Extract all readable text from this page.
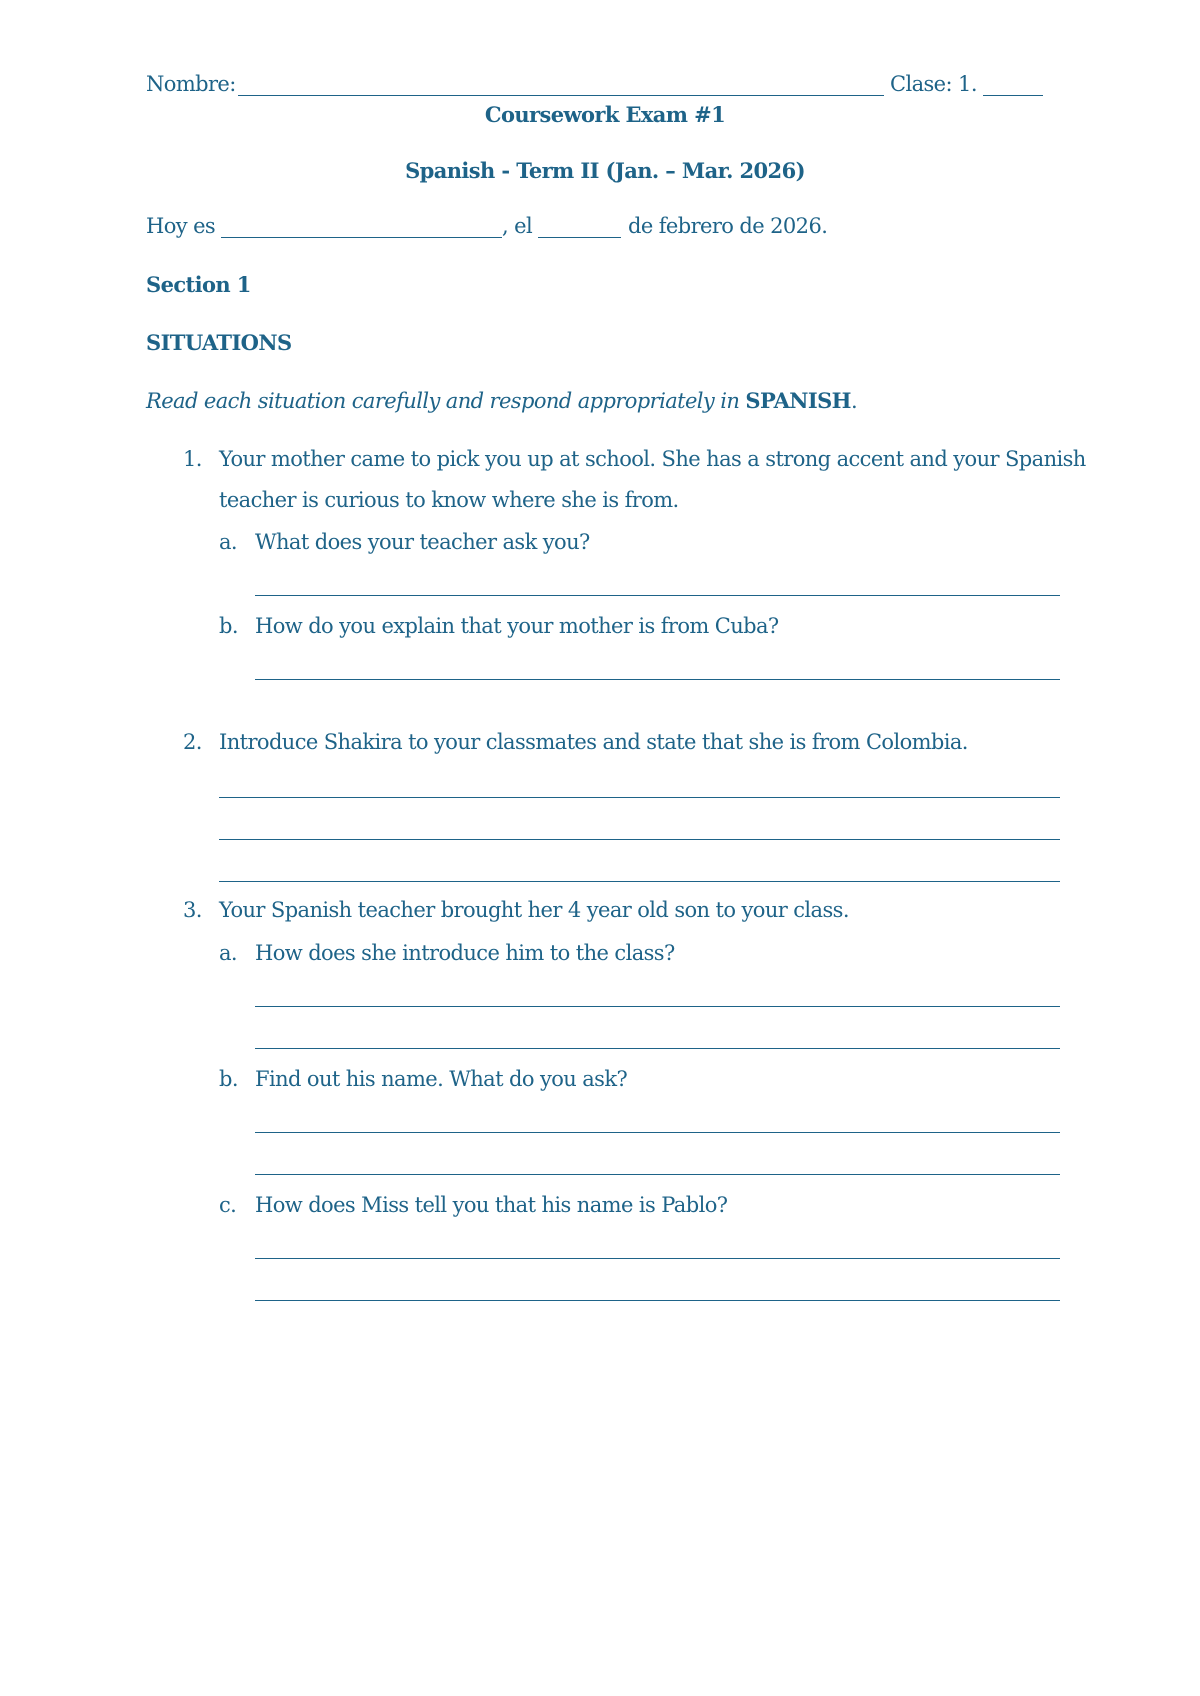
Nombre:	Clase: 1.
Coursework Exam #1
Spanish - Term II (Jan. – Mar. 2026)
Hoy es	, el	de febrero de 2026.
Section 1
SITUATIONS
Read each situation carefully and respond appropriately in SPANISH.
1. Your mother came to pick you up at school. She has a strong accent and your Spanish
teacher is curious to know where she is from.
a. What does your teacher ask you?
b. How do you explain that your mother is from Cuba?
2. Introduce Shakira to your classmates and state that she is from Colombia.
3. Your Spanish teacher brought her 4 year old son to your class.
a. How does she introduce him to the class?
b. Find out his name. What do you ask?
c. How does Miss tell you that his name is Pablo?
